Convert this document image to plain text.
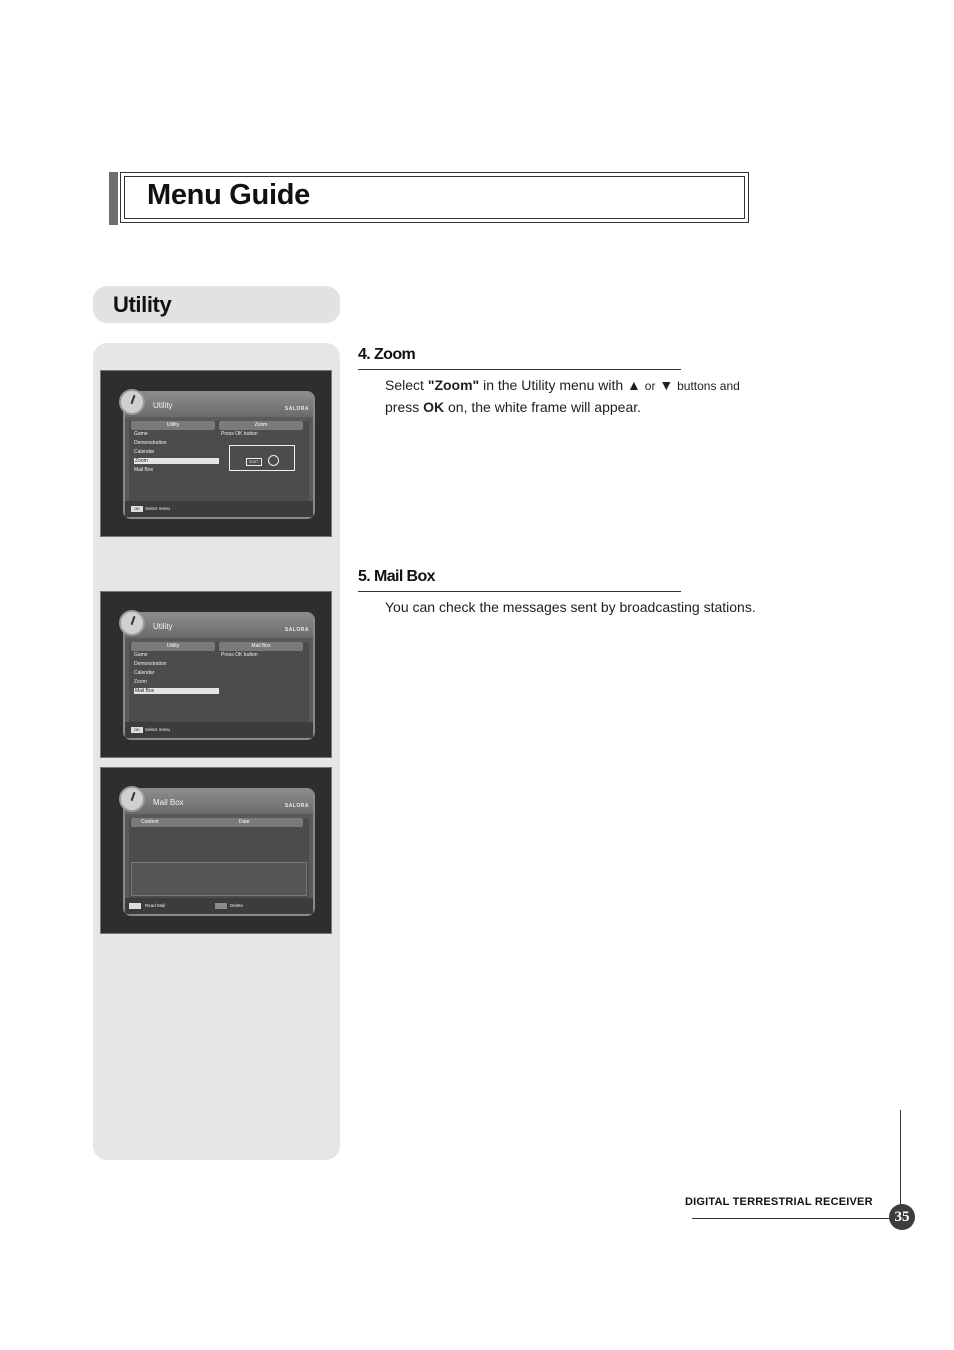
Menu Guide
Utility
Utility	SALORA
Utility	Zoom
Game
Demonstration
Calendar
Zoom
Mail Box
Press OK button
EXIT
OK	Select menu
Utility	SALORA
Utility	Mail Box
Game
Demonstration
Calendar
Zoom
Mail Box
Press OK button
OK	Select menu
Mail Box	SALORA
Content	Date
Read Mail	Delete
4. Zoom
Select "Zoom" in the Utility menu with ▲ or ▼ buttons and
press OK on, the white frame will appear.
5. Mail Box
You can check the messages sent by broadcasting stations.
DIGITAL TERRESTRIAL RECEIVER
35
